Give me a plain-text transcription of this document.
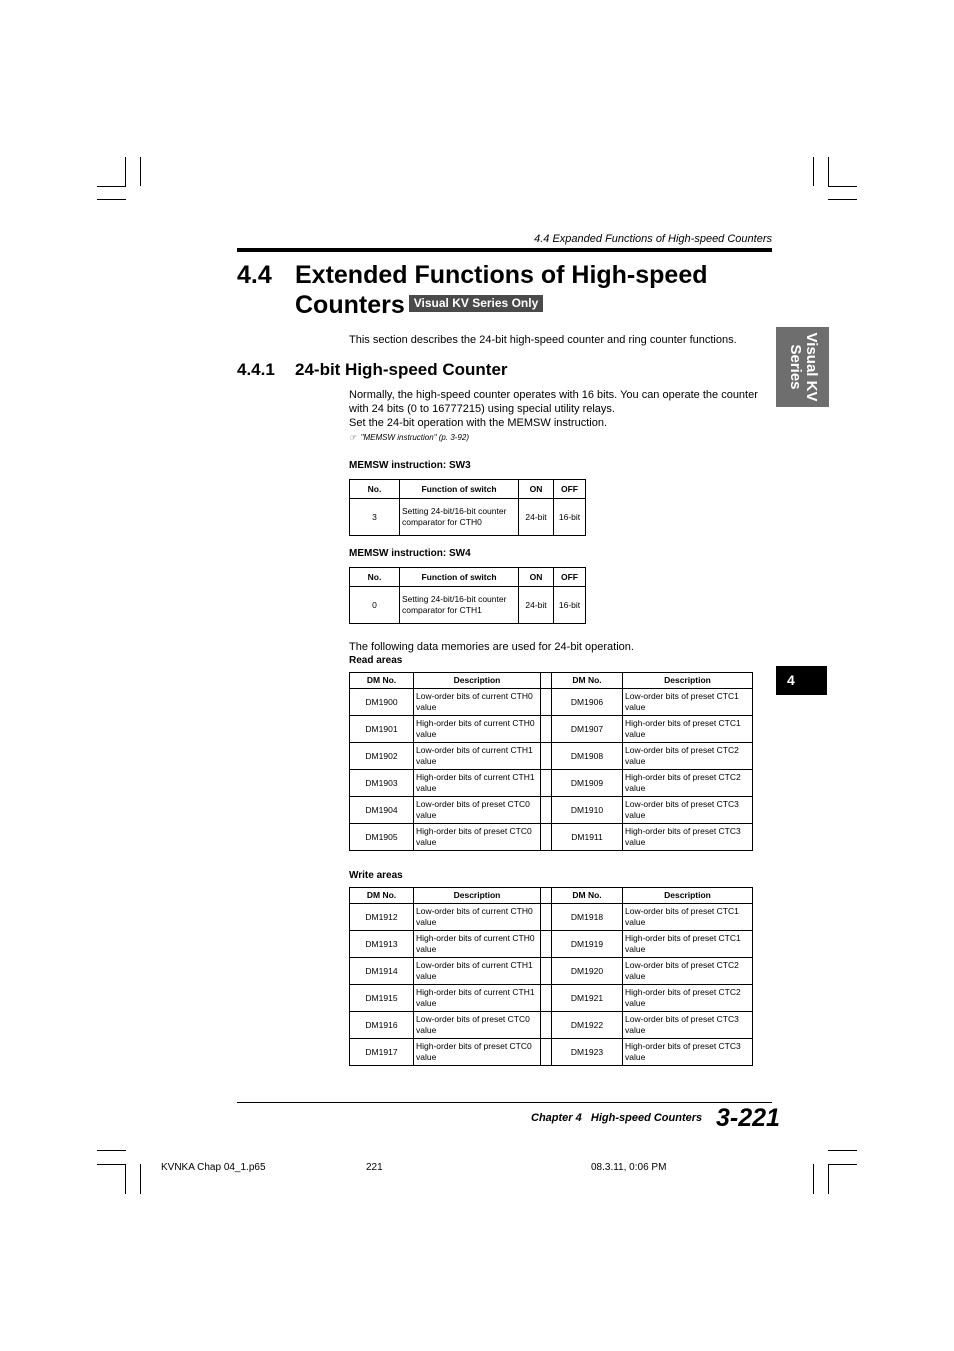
4.4 Expanded Functions of High-speed Counters
4.4 Extended Functions of High-speed
Counters Visual KV Series Only
This section describes the 24-bit high-speed counter and ring counter functions.
4.4.1 24-bit High-speed Counter
Normally, the high-speed counter operates with 16 bits. You can operate the counter
with 24 bits (0 to 16777215) using special utility relays.
Set the 24-bit operation with the MEMSW instruction.
☞ "MEMSW instruction" (p. 3-92)
MEMSW instruction: SW3
No.	Function of switch	ON	OFF
3	Setting 24-bit/16-bit counter comparator for CTH0	24-bit	16-bit
MEMSW instruction: SW4
No.	Function of switch	ON	OFF
0	Setting 24-bit/16-bit counter comparator for CTH1	24-bit	16-bit
The following data memories are used for 24-bit operation.
Read areas
DM No.	Description		DM No.	Description
DM1900	Low-order bits of current CTH0 value		DM1906	Low-order bits of preset CTC1 value
DM1901	High-order bits of current CTH0 value		DM1907	High-order bits of preset CTC1 value
DM1902	Low-order bits of current CTH1 value		DM1908	Low-order bits of preset CTC2 value
DM1903	High-order bits of current CTH1 value		DM1909	High-order bits of preset CTC2 value
DM1904	Low-order bits of preset CTC0 value		DM1910	Low-order bits of preset CTC3 value
DM1905	High-order bits of preset CTC0 value		DM1911	High-order bits of preset CTC3 value
Write areas
DM No.	Description		DM No.	Description
DM1912	Low-order bits of current CTH0 value		DM1918	Low-order bits of preset CTC1 value
DM1913	High-order bits of current CTH0 value		DM1919	High-order bits of preset CTC1 value
DM1914	Low-order bits of current CTH1 value		DM1920	Low-order bits of preset CTC2 value
DM1915	High-order bits of current CTH1 value		DM1921	High-order bits of preset CTC2 value
DM1916	Low-order bits of preset CTC0 value		DM1922	Low-order bits of preset CTC3 value
DM1917	High-order bits of preset CTC0 value		DM1923	High-order bits of preset CTC3 value
Visual KV
Series
4
Chapter 4   High-speed Counters 3-221
KVNKA Chap 04_1.p65	221	08.3.11, 0:06 PM
